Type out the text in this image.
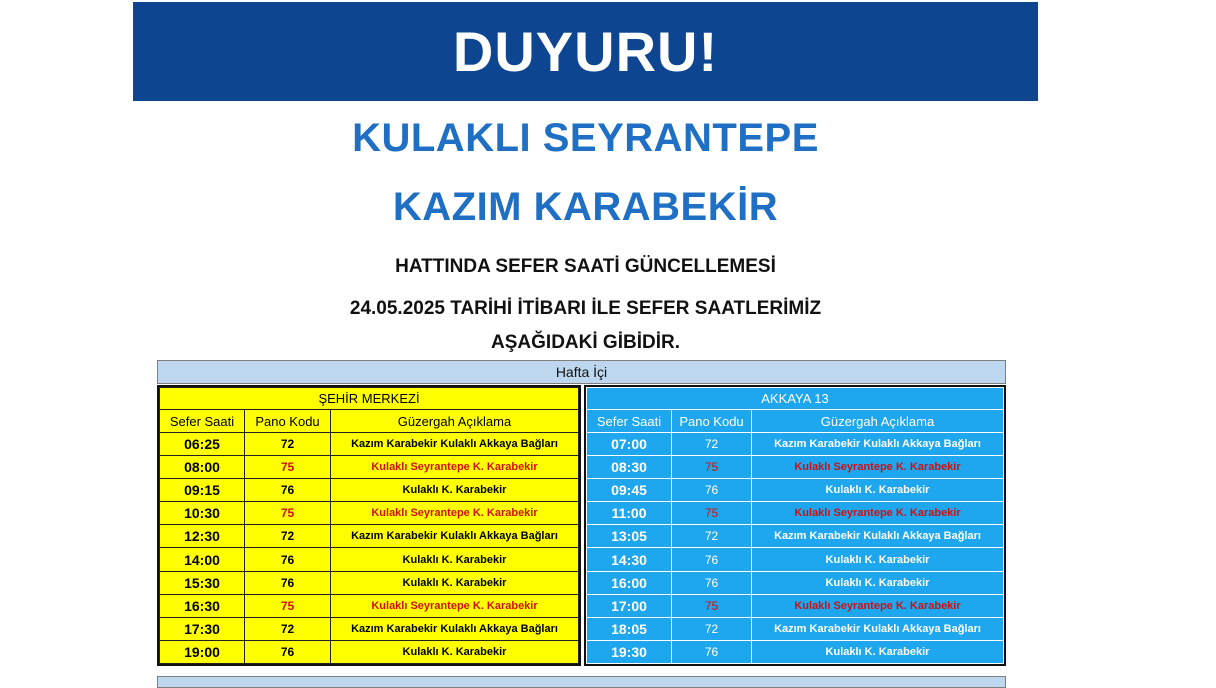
DUYURU!
KULAKLI SEYRANTEPE
KAZIM KARABEKİR
HATTINDA SEFER SAATİ GÜNCELLEMESİ
24.05.2025 TARİHİ İTİBARI İLE SEFER SAATLERİMİZ
AŞAĞIDAKİ GİBİDİR.
Hafta İçi
ŞEHİR MERKEZİ		
Sefer Saati	Pano Kodu	Güzergah Açıklama
06:25	72	Kazım Karabekir Kulaklı Akkaya Bağları
08:00	75	Kulaklı Seyrantepe K. Karabekir
09:15	76	Kulaklı K. Karabekir
10:30	75	Kulaklı Seyrantepe K. Karabekir
12:30	72	Kazım Karabekir Kulaklı Akkaya Bağları
14:00	76	Kulaklı K. Karabekir
15:30	76	Kulaklı K. Karabekir
16:30	75	Kulaklı Seyrantepe K. Karabekir
17:30	72	Kazım Karabekir Kulaklı Akkaya Bağları
19:00	76	Kulaklı K. Karabekir
AKKAYA 13		
Sefer Saati	Pano Kodu	Güzergah Açıklama
07:00	72	Kazım Karabekir Kulaklı Akkaya Bağları
08:30	75	Kulaklı Seyrantepe K. Karabekir
09:45	76	Kulaklı K. Karabekir
11:00	75	Kulaklı Seyrantepe K. Karabekir
13:05	72	Kazım Karabekir Kulaklı Akkaya Bağları
14:30	76	Kulaklı K. Karabekir
16:00	76	Kulaklı K. Karabekir
17:00	75	Kulaklı Seyrantepe K. Karabekir
18:05	72	Kazım Karabekir Kulaklı Akkaya Bağları
19:30	76	Kulaklı K. Karabekir
